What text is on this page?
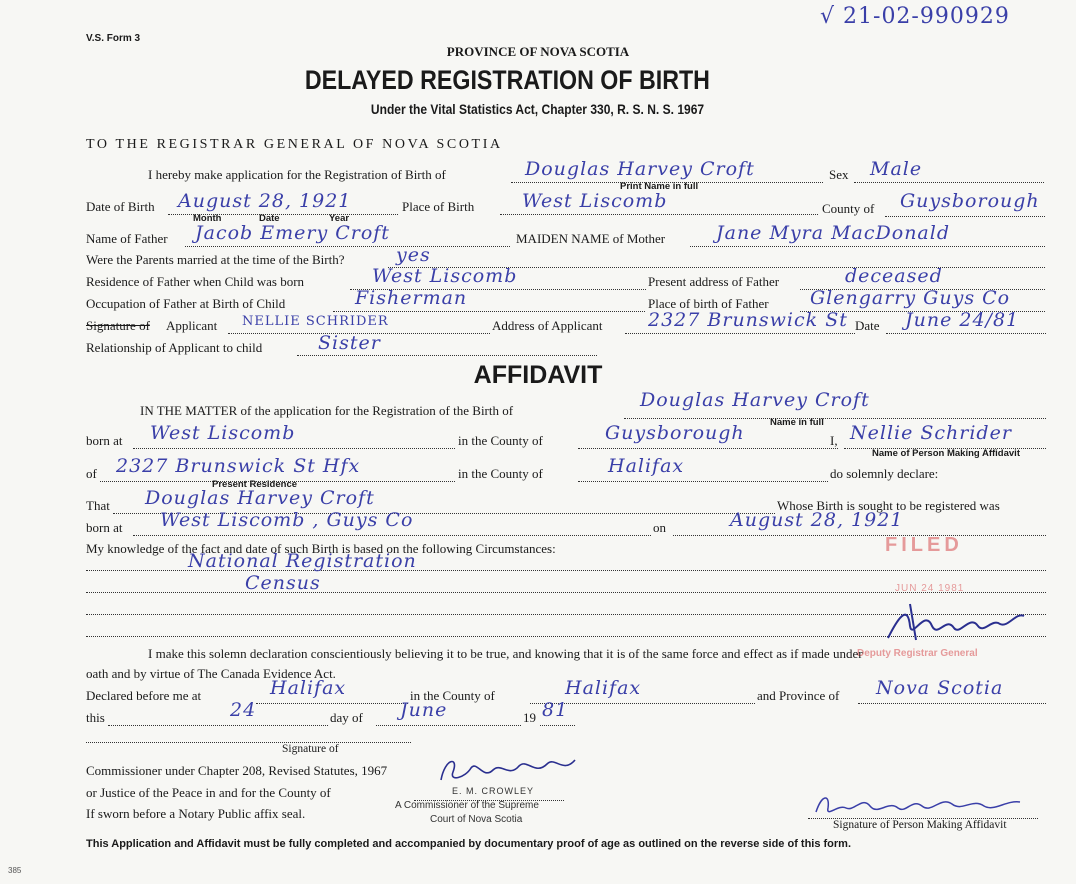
√ 21-02-990929
V.S. Form 3
PROVINCE OF NOVA SCOTIA
DELAYED REGISTRATION OF BIRTH
Under the Vital Statistics Act, Chapter 330, R. S. N. S. 1967
TO THE REGISTRAR GENERAL OF NOVA SCOTIA
I hereby make application for the Registration of Birth of	Douglas Harvey Croft
Print Name in full
Sex Male
Date of Birth August 28, 1921
Month	Date	Year
Place of Birth	West Liscomb	County of Guysborough
Name of Father Jacob Emery Croft	MAIDEN NAME of Mother	Jane Myra MacDonald
Were the Parents married at the time of the Birth?	yes
Residence of Father when Child was born	West Liscomb	Present address of Father	deceased
Occupation of Father at Birth of Child	Fisherman	Place of birth of Father Glengarry Guys Co
Signature of Applicant NELLIE SCHRIDER	Address of Applicant 2327 Brunswick St Date June 24/81
Relationship of Applicant to child	Sister
AFFIDAVIT
IN THE MATTER of the application for the Registration of the Birth of	Douglas Harvey Croft
Name in full
born at West Liscomb	in the County of	Guysborough	I, Nellie Schrider
Name of Person Making Affidavit
of 2327 Brunswick St Hfx
Present Residence
in the County of	Halifax	do solemnly declare:
That Douglas Harvey Croft	Whose Birth is sought to be registered was
born at West Liscomb , Guys Co	on	August 28, 1921
My knowledge of the fact and date of such Birth is based on the following Circumstances:
National Registration
Census
FILED
JUN 24 1981
Deputy Registrar General
I make this solemn declaration conscientiously believing it to be true, and knowing that it is of the same force and effect as if made under
oath and by virtue of The Canada Evidence Act.
Declared before me at	Halifax	in the County of	Halifax	and Province of Nova Scotia
this	24	day of June	19 81
Signature of
Commissioner under Chapter 208, Revised Statutes, 1967
or Justice of the Peace in and for the County of
If sworn before a Notary Public affix seal.
E. M. CROWLEY
A Commissioner of the Supreme
Court of Nova Scotia	Signature of Person Making Affidavit
This Application and Affidavit must be fully completed and accompanied by documentary proof of age as outlined on the reverse side of this form.
385
